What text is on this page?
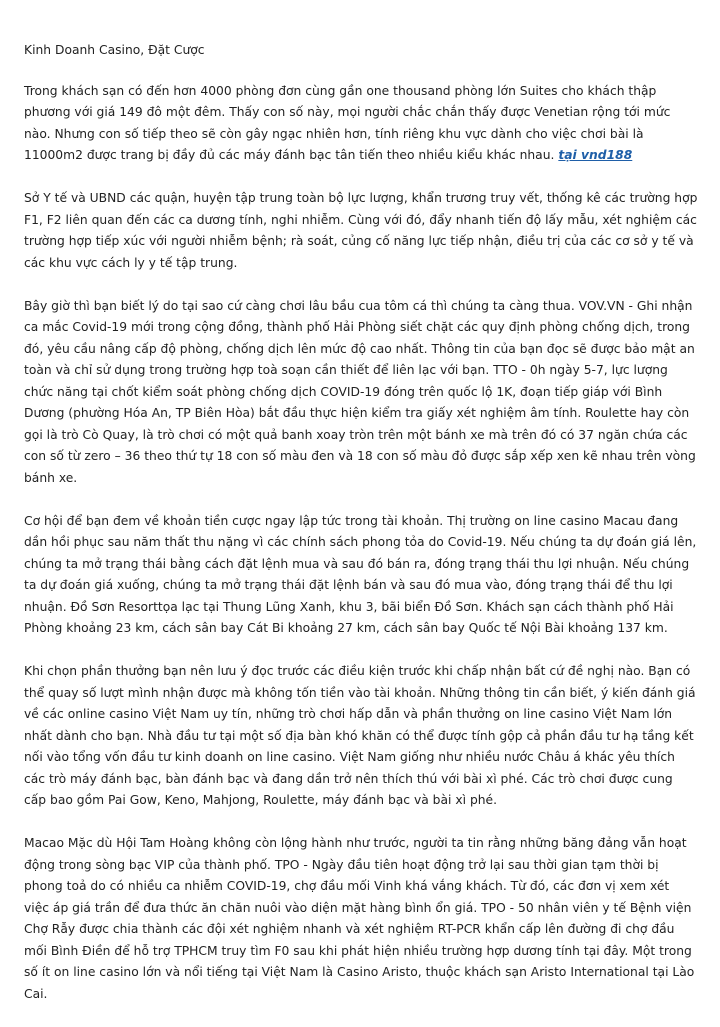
Kinh Doanh Casino, Đặt Cược

Trong khách sạn có đến hơn 4000 phòng đơn cùng gần one thousand phòng lớn Suites cho khách thập phương với giá 149 đô một đêm. Thấy con số này, mọi người chắc chắn thấy được Venetian rộng tới mức nào. Nhưng con số tiếp theo sẽ còn gây ngạc nhiên hơn, tính riêng khu vực dành cho việc chơi bài là 11000m2 được trang bị đầy đủ các máy đánh bạc tân tiến theo nhiều kiểu khác nhau. tại vnd188

Sở Y tế và UBND các quận, huyện tập trung toàn bộ lực lượng, khẩn trương truy vết, thống kê các trường hợp F1, F2 liên quan đến các ca dương tính, nghi nhiễm. Cùng với đó, đẩy nhanh tiến độ lấy mẫu, xét nghiệm các trường hợp tiếp xúc với người nhiễm bệnh; rà soát, củng cố năng lực tiếp nhận, điều trị của các cơ sở y tế và các khu vực cách ly y tế tập trung.

Bây giờ thì bạn biết lý do tại sao cứ càng chơi lâu bầu cua tôm cá thì chúng ta càng thua. VOV.VN - Ghi nhận ca mắc Covid-19 mới trong cộng đồng, thành phố Hải Phòng siết chặt các quy định phòng chống dịch, trong đó, yêu cầu nâng cấp độ phòng, chống dịch lên mức độ cao nhất. Thông tin của bạn đọc sẽ được bảo mật an toàn và chỉ sử dụng trong trường hợp toà soạn cần thiết để liên lạc với bạn. TTO - 0h ngày 5-7, lực lượng chức năng tại chốt kiểm soát phòng chống dịch COVID-19 đóng trên quốc lộ 1K, đoạn tiếp giáp với Bình Dương (phường Hóa An, TP Biên Hòa) bắt đầu thực hiện kiểm tra giấy xét nghiệm âm tính. Roulette hay còn gọi là trò Cò Quay, là trò chơi có một quả banh xoay tròn trên một bánh xe mà trên đó có 37 ngăn chứa các con số từ zero – 36 theo thứ tự 18 con số màu đen và 18 con số màu đỏ được sắp xếp xen kẽ nhau trên vòng bánh xe.

Cơ hội để bạn đem về khoản tiền cược ngay lập tức trong tài khoản. Thị trường on line casino Macau đang dần hồi phục sau năm thất thu nặng vì các chính sách phong tỏa do Covid-19. Nếu chúng ta dự đoán giá lên, chúng ta mở trạng thái bằng cách đặt lệnh mua và sau đó bán ra, đóng trạng thái thu lợi nhuận. Nếu chúng ta dự đoán giá xuống, chúng ta mở trạng thái đặt lệnh bán và sau đó mua vào, đóng trạng thái để thu lợi nhuận. Đồ Sơn Resorttọa lạc tại Thung Lũng Xanh, khu 3, bãi biển Đồ Sơn. Khách sạn cách thành phố Hải Phòng khoảng 23 km, cách sân bay Cát Bi khoảng 27 km, cách sân bay Quốc tế Nội Bài khoảng 137 km.

Khi chọn phần thưởng bạn nên lưu ý đọc trước các điều kiện trước khi chấp nhận bất cứ đề nghị nào. Bạn có thể quay số lượt mình nhận được mà không tốn tiền vào tài khoản. Những thông tin cần biết, ý kiến đánh giá về các online casino Việt Nam uy tín, những trò chơi hấp dẫn và phần thưởng on line casino Việt Nam lớn nhất dành cho bạn. Nhà đầu tư tại một số địa bàn khó khăn có thể được tính gộp cả phần đầu tư hạ tầng kết nối vào tổng vốn đầu tư kinh doanh on line casino. Việt Nam giống như nhiều nước Châu á khác yêu thích các trò máy đánh bạc, bàn đánh bạc và đang dần trở nên thích thú với bài xì phé. Các trò chơi được cung cấp bao gồm Pai Gow, Keno, Mahjong, Roulette, máy đánh bạc và bài xì phé.

Macao Mặc dù Hội Tam Hoàng không còn lộng hành như trước, người ta tin rằng những băng đảng vẫn hoạt động trong sòng bạc VIP của thành phố. TPO - Ngày đầu tiên hoạt động trở lại sau thời gian tạm thời bị phong toả do có nhiều ca nhiễm COVID-19, chợ đầu mối Vinh khá vắng khách. Từ đó, các đơn vị xem xét việc áp giá trần để đưa thức ăn chăn nuôi vào diện mặt hàng bình ổn giá. TPO - 50 nhân viên y tế Bệnh viện Chợ Rẫy được chia thành các đội xét nghiệm nhanh và xét nghiệm RT-PCR khẩn cấp lên đường đi chợ đầu mối Bình Điền để hỗ trợ TPHCM truy tìm F0 sau khi phát hiện nhiều trường hợp dương tính tại đây. Một trong số ít on line casino lớn và nổi tiếng tại Việt Nam là Casino Aristo, thuộc khách sạn Aristo International tại Lào Cai.
